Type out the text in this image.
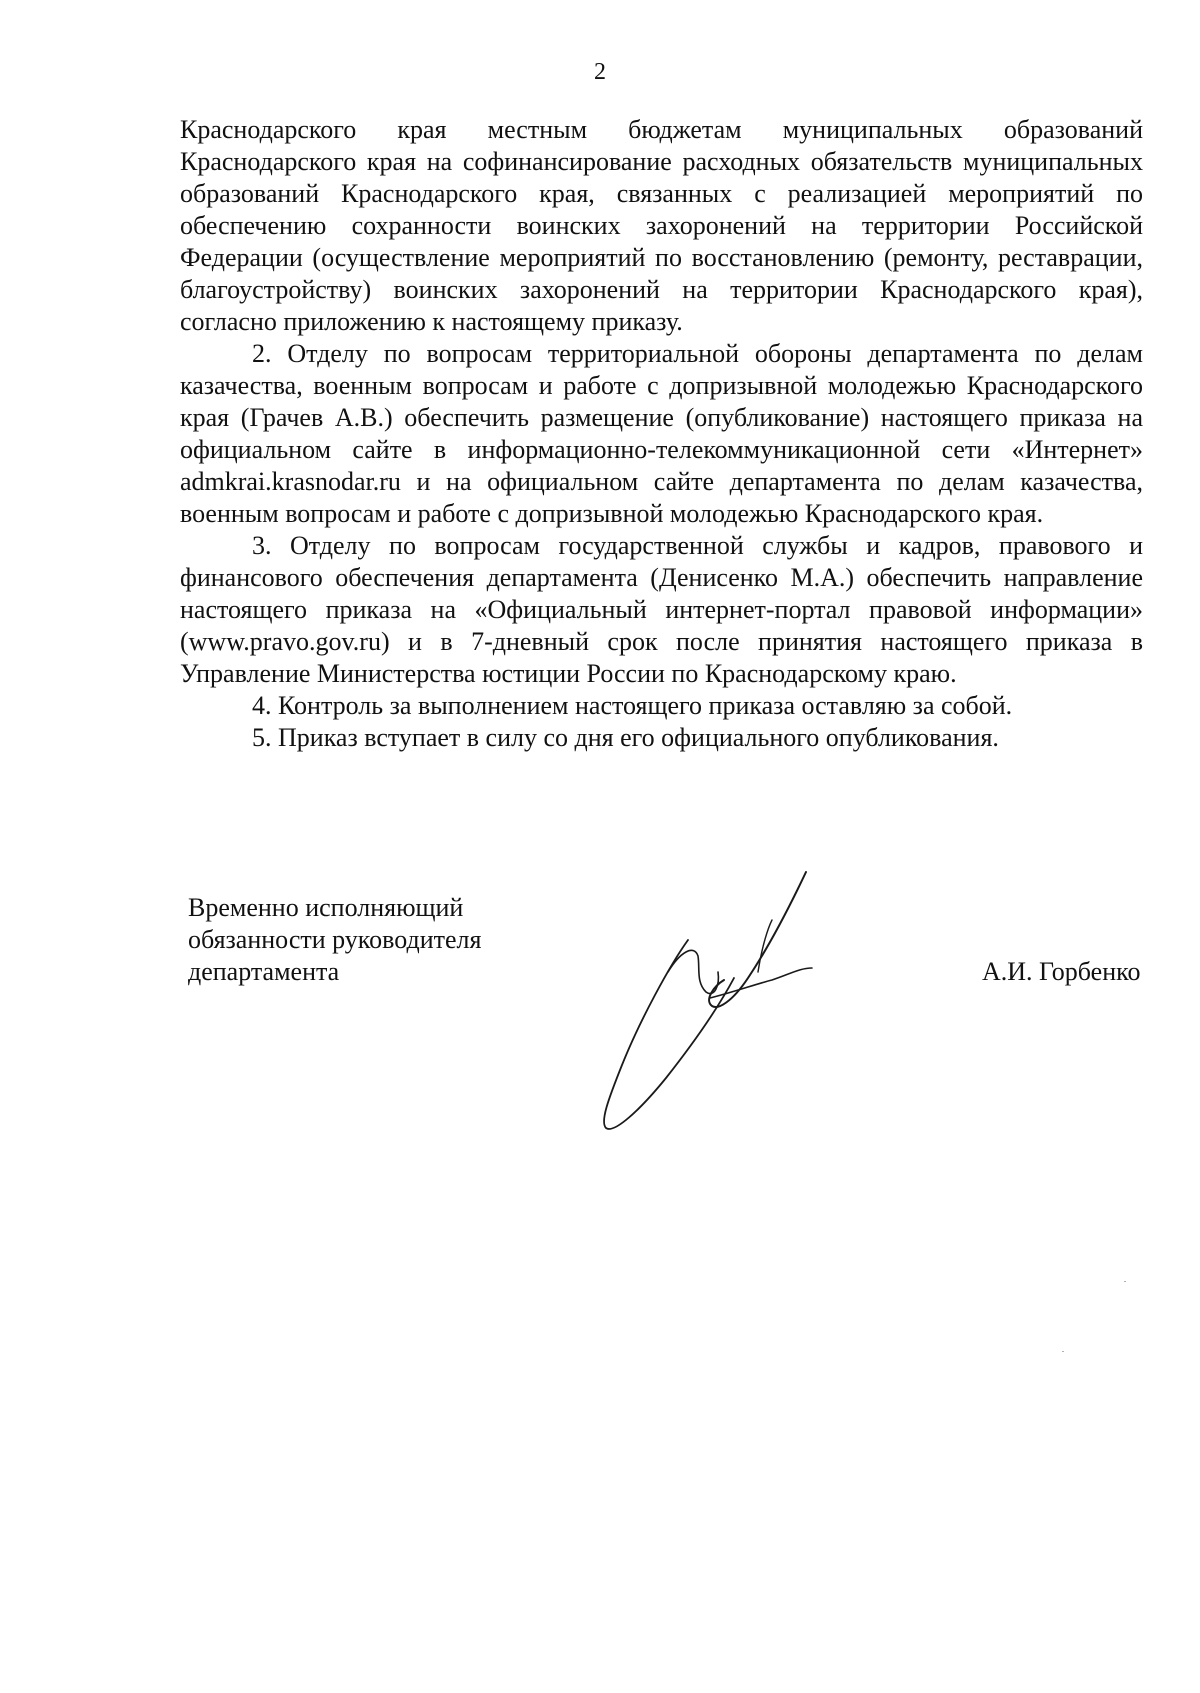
2

Краснодарского края местным бюджетам муниципальных образований Краснодарского края на софинансирование расходных обязательств муниципальных образований Краснодарского края, связанных с реализацией мероприятий по обеспечению сохранности воинских захоронений на территории Российской Федерации (осуществление мероприятий по восстановлению (ремонту, реставрации, благоустройству) воинских захоронений на территории Краснодарского края), согласно приложению к настоящему приказу.

2. Отделу по вопросам территориальной обороны департамента по делам казачества, военным вопросам и работе с допризывной молодежью Краснодарского края (Грачев А.В.) обеспечить размещение (опубликование) настоящего приказа на официальном сайте в информационно-телекоммуникационной сети «Интернет» admkrai.krasnodar.ru и на официальном сайте департамента по делам казачества, военным вопросам и работе с допризывной молодежью Краснодарского края.

3. Отделу по вопросам государственной службы и кадров, правового и финансового обеспечения департамента (Денисенко М.А.) обеспечить направление настоящего приказа на «Официальный интернет-портал правовой информации» (www.pravo.gov.ru) и в 7-дневный срок после принятия настоящего приказа в Управление Министерства юстиции России по Краснодарскому краю.

4. Контроль за выполнением настоящего приказа оставляю за собой.

5. Приказ вступает в силу со дня его официального опубликования.

Временно исполняющий
обязанности руководителя
департамента	А.И. Горбенко
